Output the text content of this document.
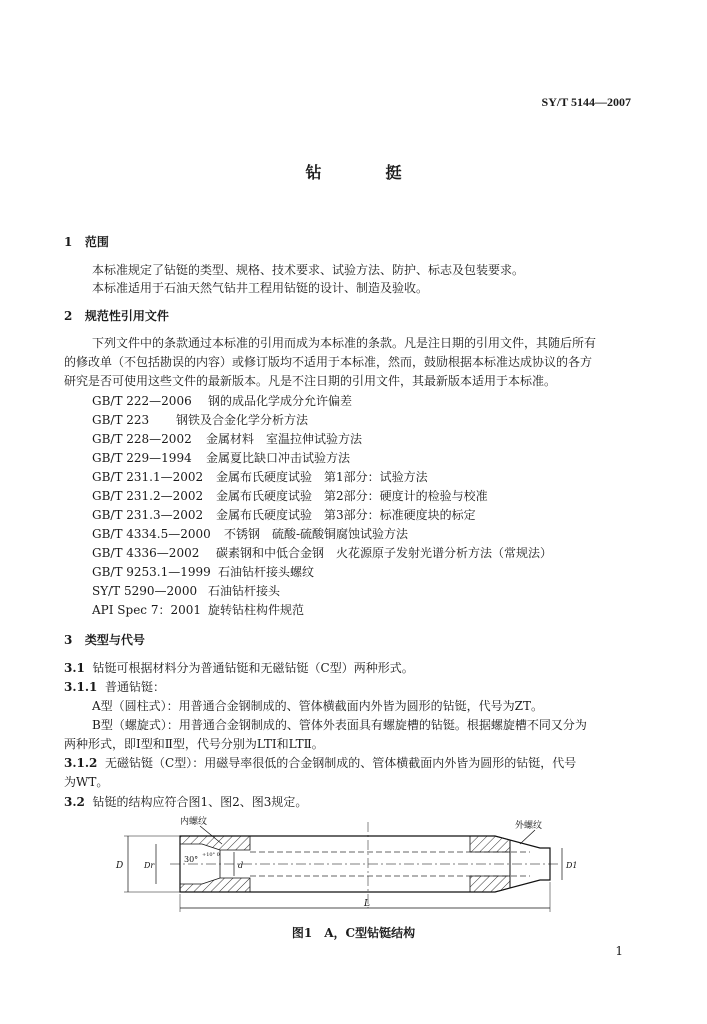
SY/T 5144—2007
钻　挺
1 范围
本标准规定了钻铤的类型、规格、技术要求、试验方法、防护、标志及包装要求。
本标准适用于石油天然气钻井工程用钻铤的设计、制造及验收。
2 规范性引用文件
下列文件中的条款通过本标准的引用而成为本标准的条款。凡是注日期的引用文件，其随后所有
的修改单（不包括勘误的内容）或修订版均不适用于本标准，然而，鼓励根据本标准达成协议的各方
研究是否可使用这些文件的最新版本。凡是不注日期的引用文件，其最新版本适用于本标准。
GB/T 222—2006 钢的成品化学成分允许偏差
GB/T 223 钢铁及合金化学分析方法
GB/T 228—2002 金属材料　室温拉伸试验方法
GB/T 229—1994 金属夏比缺口冲击试验方法
GB/T 231.1—2002 金属布氏硬度试验　第1部分：试验方法
GB/T 231.2—2002 金属布氏硬度试验　第2部分：硬度计的检验与校准
GB/T 231.3—2002 金属布氏硬度试验　第3部分：标准硬度块的标定
GB/T 4334.5—2000 不锈钢　硫酸-硫酸铜腐蚀试验方法
GB/T 4336—2002 碳素钢和中低合金钢　火花源原子发射光谱分析方法（常规法）
GB/T 9253.1—1999 石油钻杆接头螺纹
SY/T 5290—2000 石油钻杆接头
API Spec 7：2001 旋转钻柱构件规范
3 类型与代号
3.1 钻铤可根据材料分为普通钻铤和无磁钻铤（C型）两种形式。
3.1.1 普通钻铤：
A型（圆柱式）：用普通合金钢制成的、管体横截面内外皆为圆形的钻铤，代号为ZT。
B型（螺旋式）：用普通合金钢制成的、管体外表面具有螺旋槽的钻铤。根据螺旋槽不同又分为
两种形式，即Ⅰ型和Ⅱ型，代号分别为LTⅠ和LTⅡ。
3.1.2 无磁钻铤（C型）：用磁导率很低的合金钢制成的、管体横截面内外皆为圆形的钻铤，代号
为WT。
3.2 钻铤的结构应符合图1、图2、图3规定。
内螺纹	外螺纹
30° +10° 0
D	Dr	d	D1
L
图1　A，C型钻铤结构
1
